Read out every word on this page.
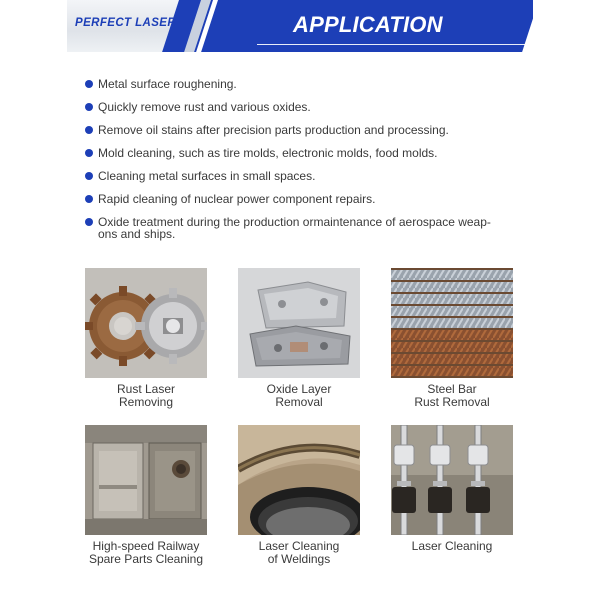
PERFECT LASER	APPLICATION
Metal surface roughening.
Quickly remove rust and various oxides.
Remove oil stains after precision parts production and processing.
Mold cleaning, such as tire molds, electronic molds, food molds.
Cleaning metal surfaces in small spaces.
Rapid cleaning of nuclear power component repairs.
Oxide treatment during the production ormaintenance of aerospace weap-
ons and ships.
Rust Laser
Removing
Oxide Layer
Removal
Steel Bar
Rust Removal
High-speed Railway
Spare Parts Cleaning
Laser Cleaning
of Weldings
Laser Cleaning
